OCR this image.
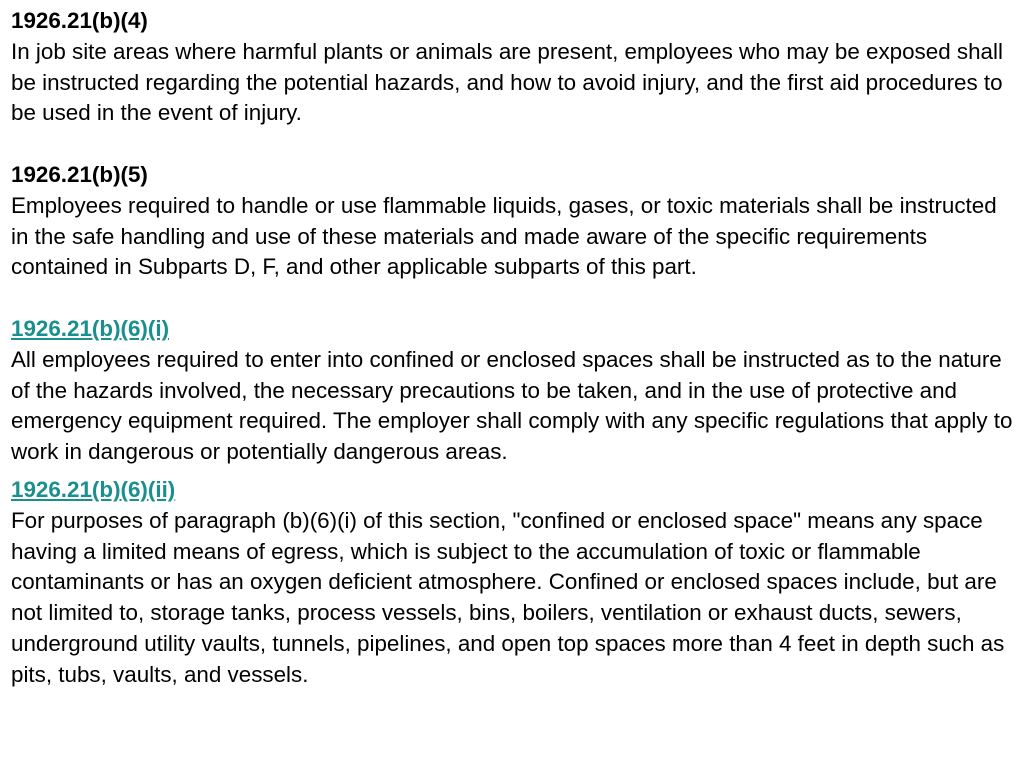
1926.21(b)(4)

In job site areas where harmful plants or animals are present, employees who may be exposed shall be instructed regarding the potential hazards, and how to avoid injury, and the first aid procedures to be used in the event of injury.

1926.21(b)(5)

Employees required to handle or use flammable liquids, gases, or toxic materials shall be instructed in the safe handling and use of these materials and made aware of the specific requirements contained in Subparts D, F, and other applicable subparts of this part.

1926.21(b)(6)(i)

All employees required to enter into confined or enclosed spaces shall be instructed as to the nature of the hazards involved, the necessary precautions to be taken, and in the use of protective and emergency equipment required. The employer shall comply with any specific regulations that apply to work in dangerous or potentially dangerous areas.

1926.21(b)(6)(ii)

For purposes of paragraph (b)(6)(i) of this section, "confined or enclosed space" means any space having a limited means of egress, which is subject to the accumulation of toxic or flammable contaminants or has an oxygen deficient atmosphere. Confined or enclosed spaces include, but are not limited to, storage tanks, process vessels, bins, boilers, ventilation or exhaust ducts, sewers, underground utility vaults, tunnels, pipelines, and open top spaces more than 4 feet in depth such as pits, tubs, vaults, and vessels.
